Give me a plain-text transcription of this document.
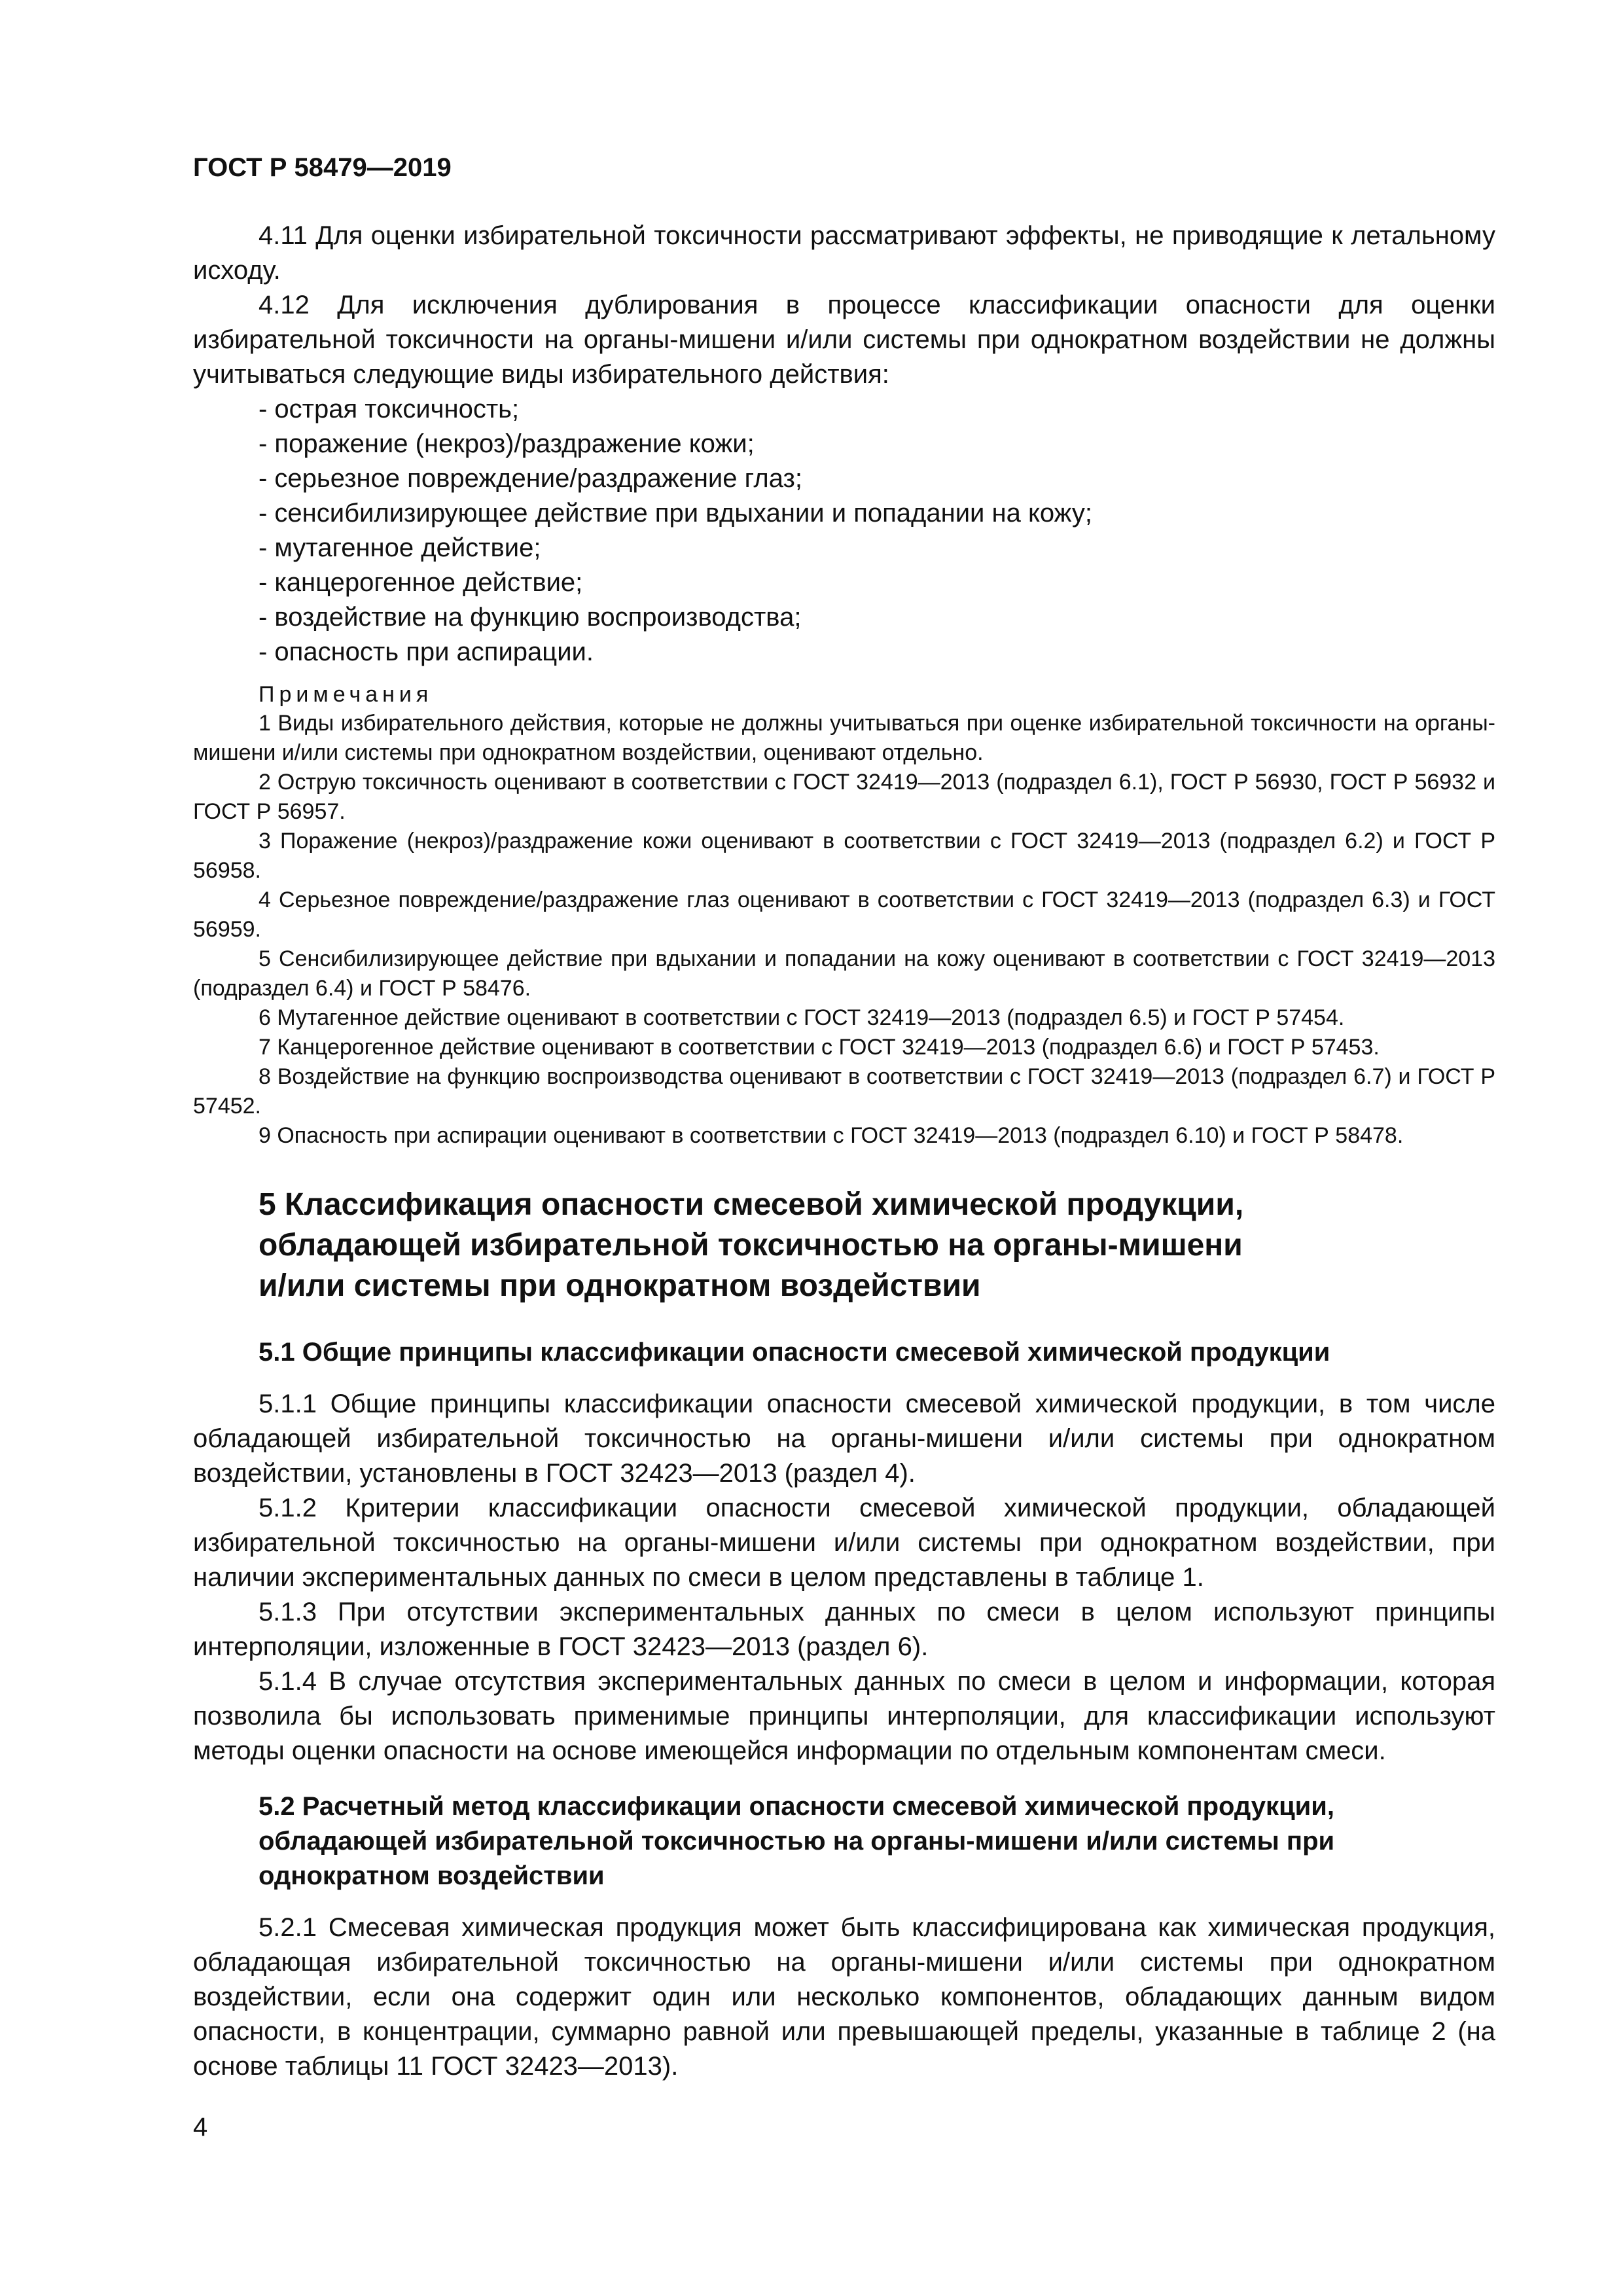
ГОСТ Р 58479—2019

4.11 Для оценки избирательной токсичности рассматривают эффекты, не приводящие к летальному исходу.

4.12 Для исключения дублирования в процессе классификации опасности для оценки избирательной токсичности на органы-мишени и/или системы при однократном воздействии не должны учитываться следующие виды избирательного действия:

- острая токсичность;
- поражение (некроз)/раздражение кожи;
- серьезное повреждение/раздражение глаз;
- сенсибилизирующее действие при вдыхании и попадании на кожу;
- мутагенное действие;
- канцерогенное действие;
- воздействие на функцию воспроизводства;
- опасность при аспирации.
Примечания

1 Виды избирательного действия, которые не должны учитываться при оценке избирательной токсичности на органы-мишени и/или системы при однократном воздействии, оценивают отдельно.

2 Острую токсичность оценивают в соответствии с ГОСТ 32419—2013 (подраздел 6.1), ГОСТ Р 56930, ГОСТ Р 56932 и ГОСТ Р 56957.

3 Поражение (некроз)/раздражение кожи оценивают в соответствии с ГОСТ 32419—2013 (подраздел 6.2) и ГОСТ Р 56958.

4 Серьезное повреждение/раздражение глаз оценивают в соответствии с ГОСТ 32419—2013 (подраздел 6.3) и ГОСТ 56959.

5 Сенсибилизирующее действие при вдыхании и попадании на кожу оценивают в соответствии с ГОСТ 32419—2013 (подраздел 6.4) и ГОСТ Р 58476.

6 Мутагенное действие оценивают в соответствии с ГОСТ 32419—2013 (подраздел 6.5) и ГОСТ Р 57454.

7 Канцерогенное действие оценивают в соответствии с ГОСТ 32419—2013 (подраздел 6.6) и ГОСТ Р 57453.

8 Воздействие на функцию воспроизводства оценивают в соответствии с ГОСТ 32419—2013 (подраздел 6.7) и ГОСТ Р 57452.

9 Опасность при аспирации оценивают в соответствии с ГОСТ 32419—2013 (подраздел 6.10) и ГОСТ Р 58478.

5 Классификация опасности смесевой химической продукции,
обладающей избирательной токсичностью на органы-мишени
и/или системы при однократном воздействии
5.1 Общие принципы классификации опасности смесевой химической продукции

5.1.1 Общие принципы классификации опасности смесевой химической продукции, в том числе обладающей избирательной токсичностью на органы-мишени и/или системы при однократном воздействии, установлены в ГОСТ 32423—2013 (раздел 4).

5.1.2 Критерии классификации опасности смесевой химической продукции, обладающей избирательной токсичностью на органы-мишени и/или системы при однократном воздействии, при наличии экспериментальных данных по смеси в целом представлены в таблице 1.

5.1.3 При отсутствии экспериментальных данных по смеси в целом используют принципы интерполяции, изложенные в ГОСТ 32423—2013 (раздел 6).

5.1.4 В случае отсутствия экспериментальных данных по смеси в целом и информации, которая позволила бы использовать применимые принципы интерполяции, для классификации используют методы оценки опасности на основе имеющейся информации по отдельным компонентам смеси.

5.2 Расчетный метод классификации опасности смесевой химической продукции,
обладающей избирательной токсичностью на органы-мишени и/или системы при
однократном воздействии

5.2.1 Смесевая химическая продукция может быть классифицирована как химическая продукция, обладающая избирательной токсичностью на органы-мишени и/или системы при однократном воздействии, если она содержит один или несколько компонентов, обладающих данным видом опасности, в концентрации, суммарно равной или превышающей пределы, указанные в таблице 2 (на основе таблицы 11 ГОСТ 32423—2013).

4
